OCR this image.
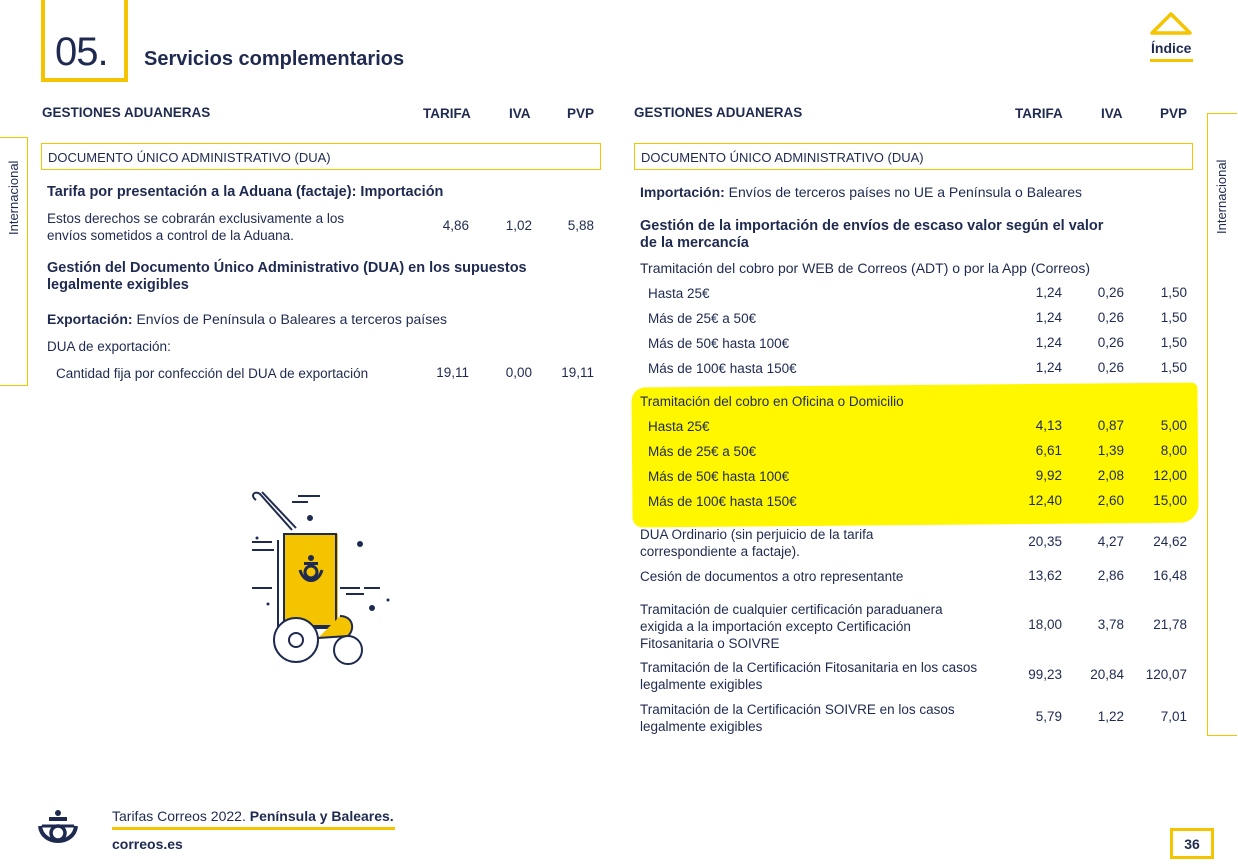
05. Servicios complementarios	Índice
Internacional	Internacional
GESTIONES ADUANERAS	TARIFA	IVA	PVP
DOCUMENTO ÚNICO ADMINISTRATIVO (DUA)
Tarifa por presentación a la Aduana (factaje): Importación
Estos derechos se cobrarán exclusivamente a los
envíos sometidos a control de la Aduana.
4,86	1,02	5,88
Gestión del Documento Único Administrativo (DUA) en los supuestos
legalmente exigibles
Exportación: Envíos de Península o Baleares a terceros países
DUA de exportación:
Cantidad fija por confección del DUA de exportación	19,11	0,00	19,11
GESTIONES ADUANERAS	TARIFA	IVA	PVP
DOCUMENTO ÚNICO ADMINISTRATIVO (DUA)
Importación: Envíos de terceros países no UE a Península o Baleares
Gestión de la importación de envíos de escaso valor según el valor
de la mercancía
Tramitación del cobro por WEB de Correos (ADT) o por la App (Correos)
Hasta 25€	1,24	0,26	1,50
Más de 25€ a 50€	1,24	0,26	1,50
Más de 50€ hasta 100€	1,24	0,26	1,50
Más de 100€ hasta 150€	1,24	0,26	1,50
Tramitación del cobro en Oficina o Domicilio
Hasta 25€	4,13	0,87	5,00
Más de 25€ a 50€	6,61	1,39	8,00
Más de 50€ hasta 100€	9,92	2,08	12,00
Más de 100€ hasta 150€	12,40	2,60	15,00
DUA Ordinario (sin perjuicio de la tarifa
correspondiente a factaje).
20,35	4,27	24,62
Cesión de documentos a otro representante	13,62	2,86	16,48
Tramitación de cualquier certificación paraduanera
exigida a la importación excepto Certificación
Fitosanitaria o SOIVRE
18,00	3,78	21,78
Tramitación de la Certificación Fitosanitaria en los casos
legalmente exigibles
99,23	20,84	120,07
Tramitación de la Certificación SOIVRE en los casos
legalmente exigibles
5,79	1,22	7,01
Tarifas Correos 2022. Península y Baleares.
correos.es	36
